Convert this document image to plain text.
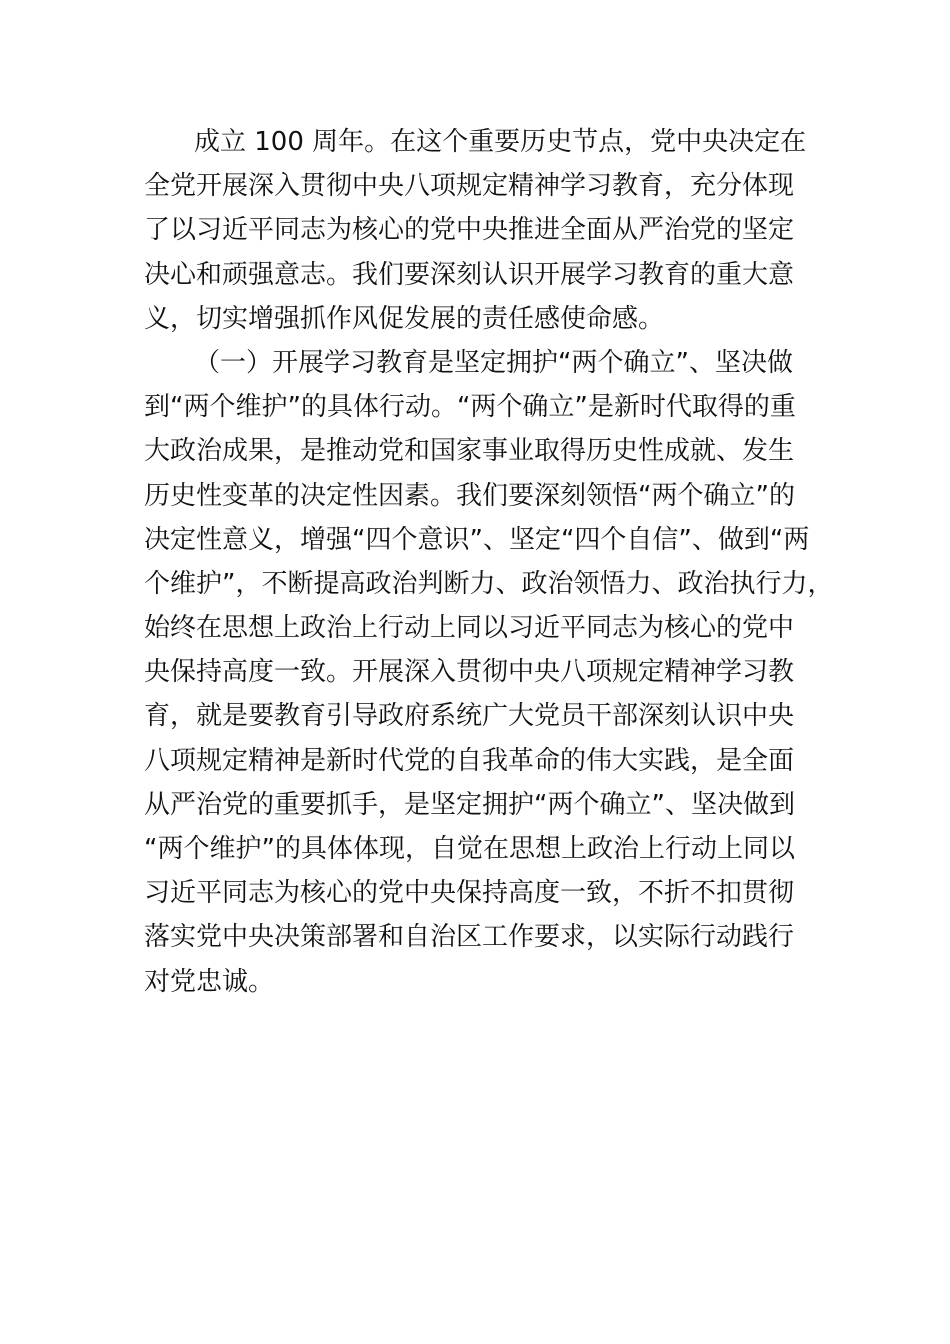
成立 100 周年。在这个重要历史节点，党中央决定在
全党开展深入贯彻中央八项规定精神学习教育，充分体现
了以习近平同志为核心的党中央推进全面从严治党的坚定
决心和顽强意志。我们要深刻认识开展学习教育的重大意
义，切实增强抓作风促发展的责任感使命感。
（一）开展学习教育是坚定拥护“两个确立”、坚决做
到“两个维护”的具体行动。“两个确立”是新时代取得的重
大政治成果，是推动党和国家事业取得历史性成就、发生
历史性变革的决定性因素。我们要深刻领悟“两个确立”的
决定性意义，增强“四个意识”、坚定“四个自信”、做到“两
个维护”，不断提高政治判断力、政治领悟力、政治执行力，
始终在思想上政治上行动上同以习近平同志为核心的党中
央保持高度一致。开展深入贯彻中央八项规定精神学习教
育，就是要教育引导政府系统广大党员干部深刻认识中央
八项规定精神是新时代党的自我革命的伟大实践，是全面
从严治党的重要抓手，是坚定拥护“两个确立”、坚决做到
“两个维护”的具体体现，自觉在思想上政治上行动上同以
习近平同志为核心的党中央保持高度一致，不折不扣贯彻
落实党中央决策部署和自治区工作要求，以实际行动践行
对党忠诚。
